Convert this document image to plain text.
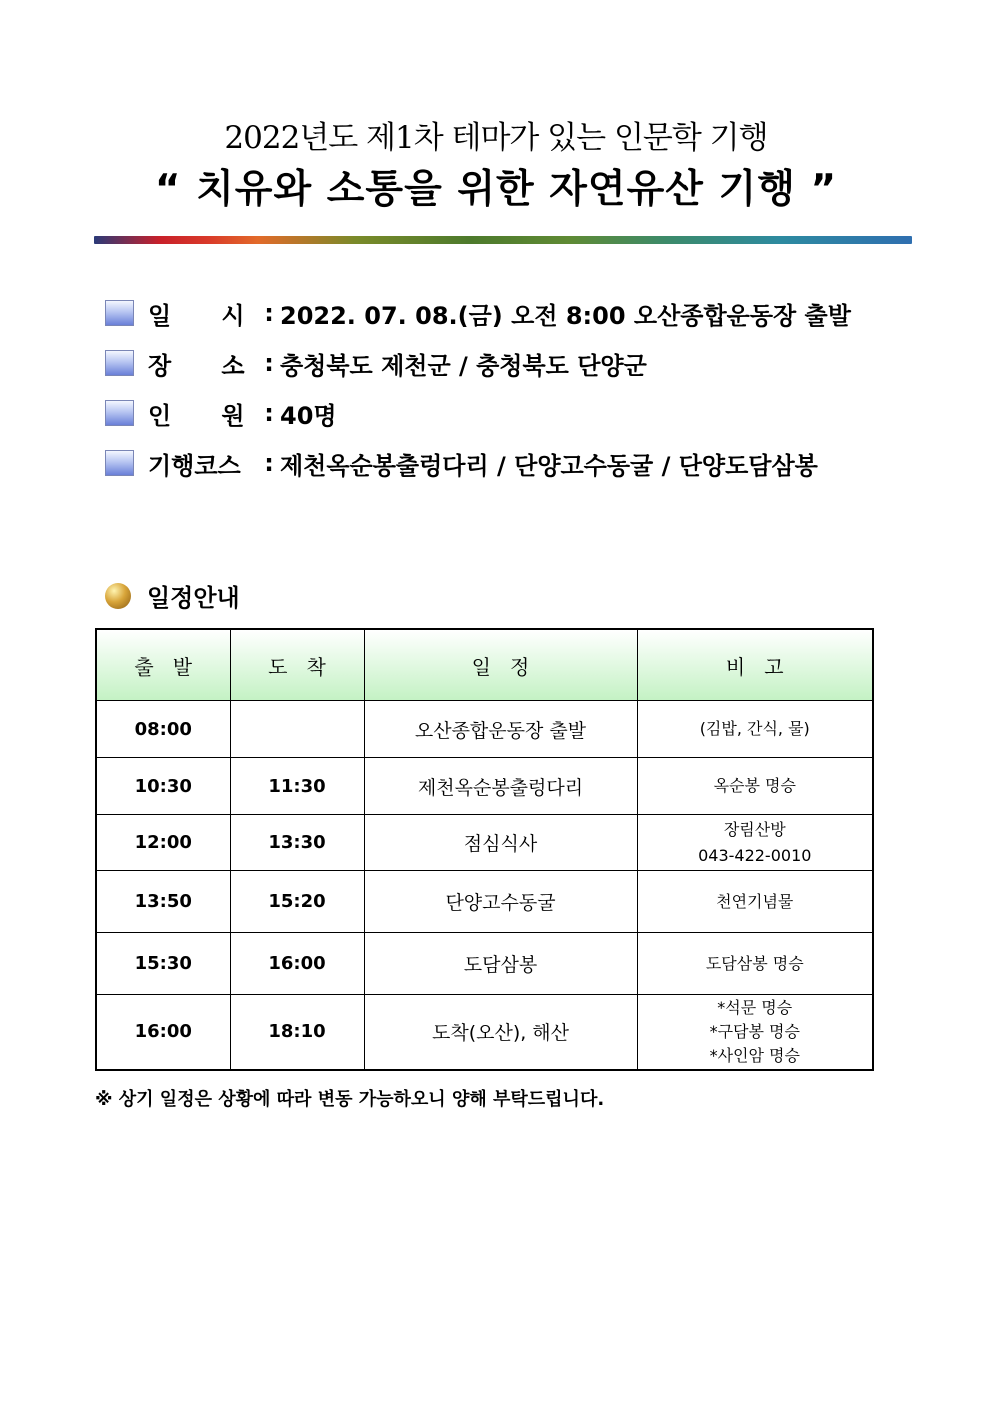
2022년도 제1차 테마가 있는 인문학 기행
“ 치유와 소통을 위한 자연유산 기행 ”
일      시 : 2022. 07. 08.(금) 오전 8:00 오산종합운동장 출발
장      소 : 충청북도 제천군 / 충청북도 단양군
인      원 : 40명
기행코스 : 제천옥순봉출렁다리 / 단양고수동굴 / 단양도담삼봉
일정안내
출   발	도   착	일   정	비   고
08:00		오산종합운동장 출발	(김밥, 간식, 물)

10:30	11:30	제천옥순봉출렁다리	옥순봉 명승

12:00	13:30	점심식사	장림산방
043-422-0010

13:50	15:20	단양고수동굴	천연기념물

15:30	16:00	도담삼봉	도담삼봉 명승

16:00	18:10	도착(오산), 해산	*석문 명승
*구담봉 명승
*사인암 명승
※ 상기 일정은 상황에 따라 변동 가능하오니 양해 부탁드립니다.
